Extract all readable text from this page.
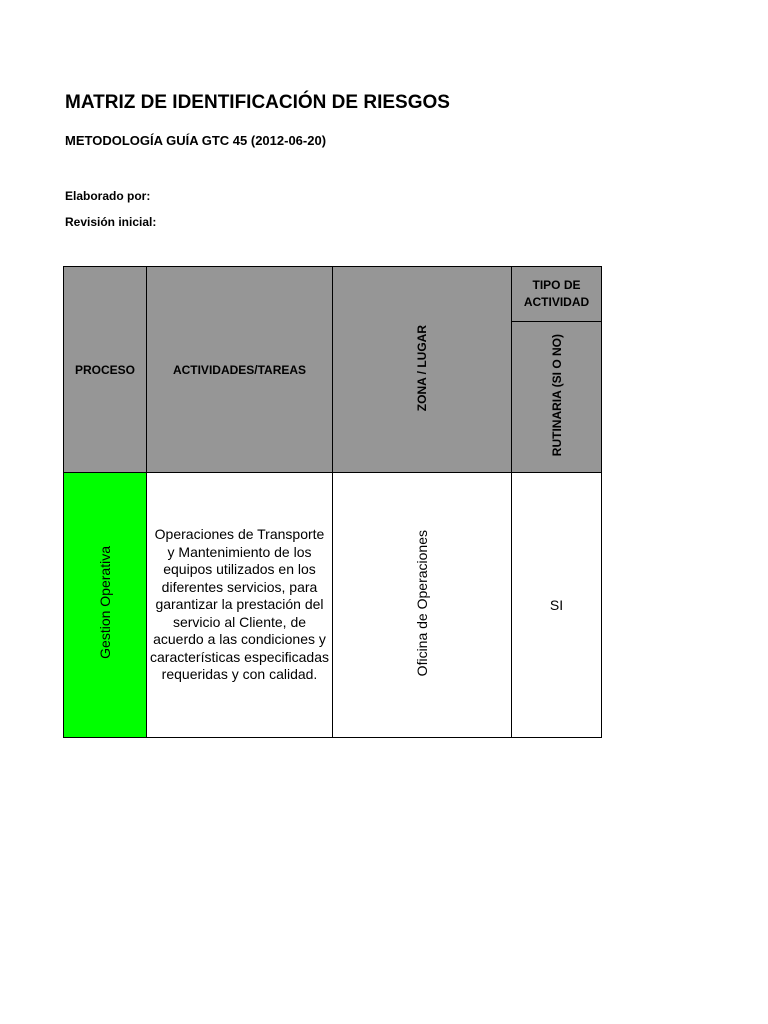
MATRIZ DE IDENTIFICACIÓN DE RIESGOS
METODOLOGÍA GUÍA GTC 45 (2012-06-20)
Elaborado por:
Revisión inicial:
PROCESO	ACTIVIDADES/TAREAS	ZONA / LUGAR	TIPO DE ACTIVIDAD
			RUTINARIA (SI O NO)
Gestion Operativa	Operaciones de Transporte y Mantenimiento de los equipos utilizados en los diferentes servicios, para garantizar la prestación del servicio al Cliente, de acuerdo a las condiciones y características especificadas requeridas y con calidad.	Oficina de Operaciones	SI
